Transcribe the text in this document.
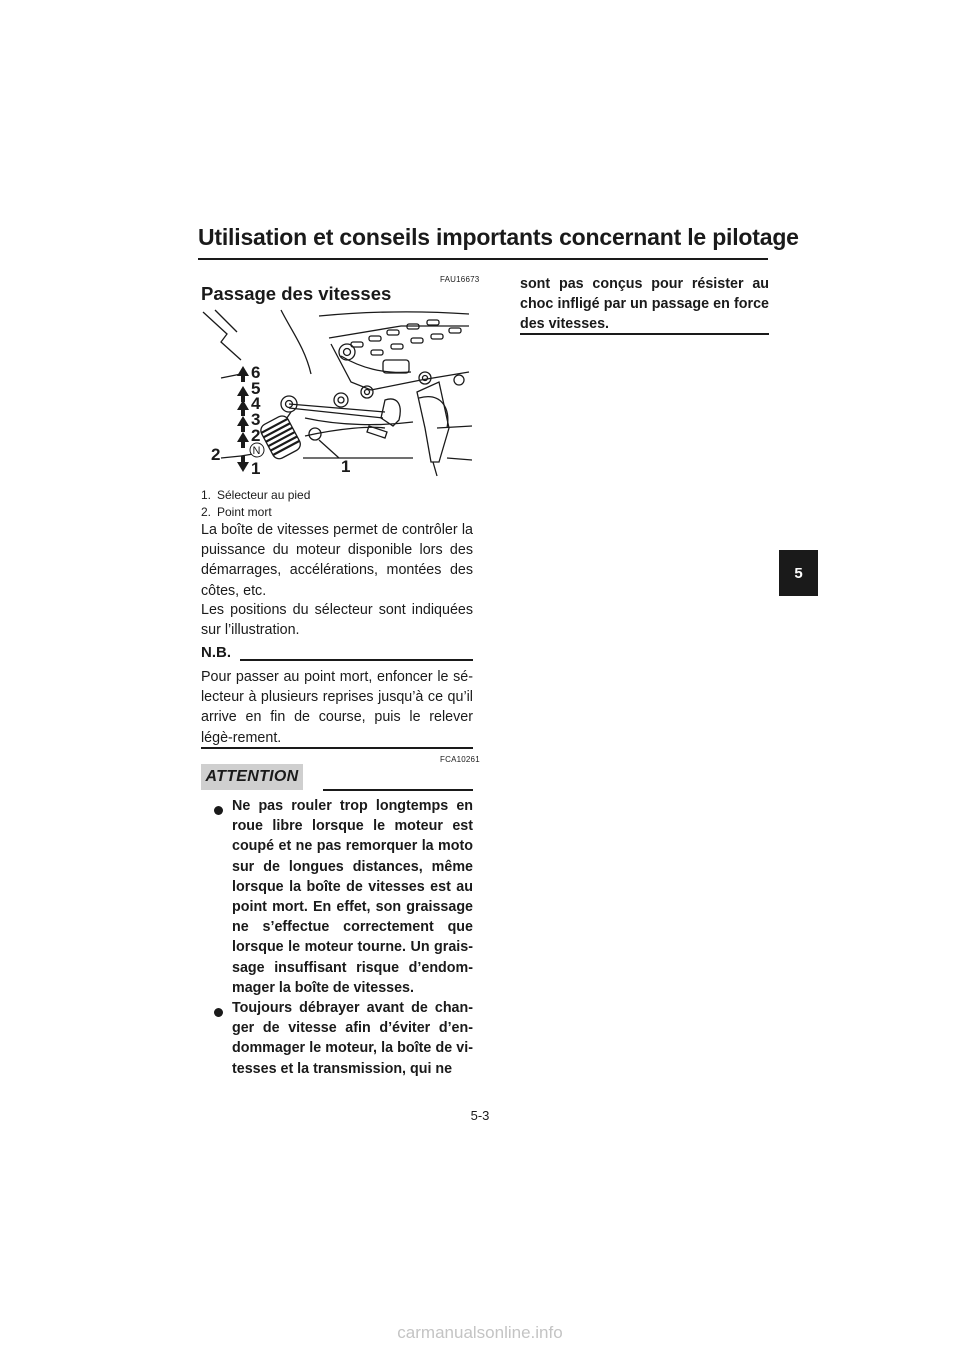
Utilisation et conseils importants concernant le pilotage
5
FAU16673
Passage des vitesses
6
5
4
3
2
N
1
2
1
1. Sélecteur au pied
2. Point mort
La boîte de vitesses permet de contrôler la puissance du moteur disponible lors des démarrages, accélérations, montées des côtes, etc.
Les positions du sélecteur sont indiquées sur l’illustration.
N.B.
Pour passer au point mort, enfoncer le sé-lecteur à plusieurs reprises jusqu’à ce qu’il arrive en fin de course, puis le relever légè-rement.
FCA10261
ATTENTION
Ne pas rouler trop longtemps en roue libre lorsque le moteur est coupé et ne pas remorquer la moto sur de longues distances, même lorsque la boîte de vitesses est au point mort. En effet, son graissage ne s’effectue correctement que lorsque le moteur tourne. Un grais-sage insuffisant risque d’endom-mager la boîte de vitesses.
Toujours débrayer avant de chan-ger de vitesse afin d’éviter d’en-dommager le moteur, la boîte de vi-tesses et la transmission, qui ne
sont pas conçus pour résister au choc infligé par un passage en force des vitesses.
5-3
carmanualsonline.info
